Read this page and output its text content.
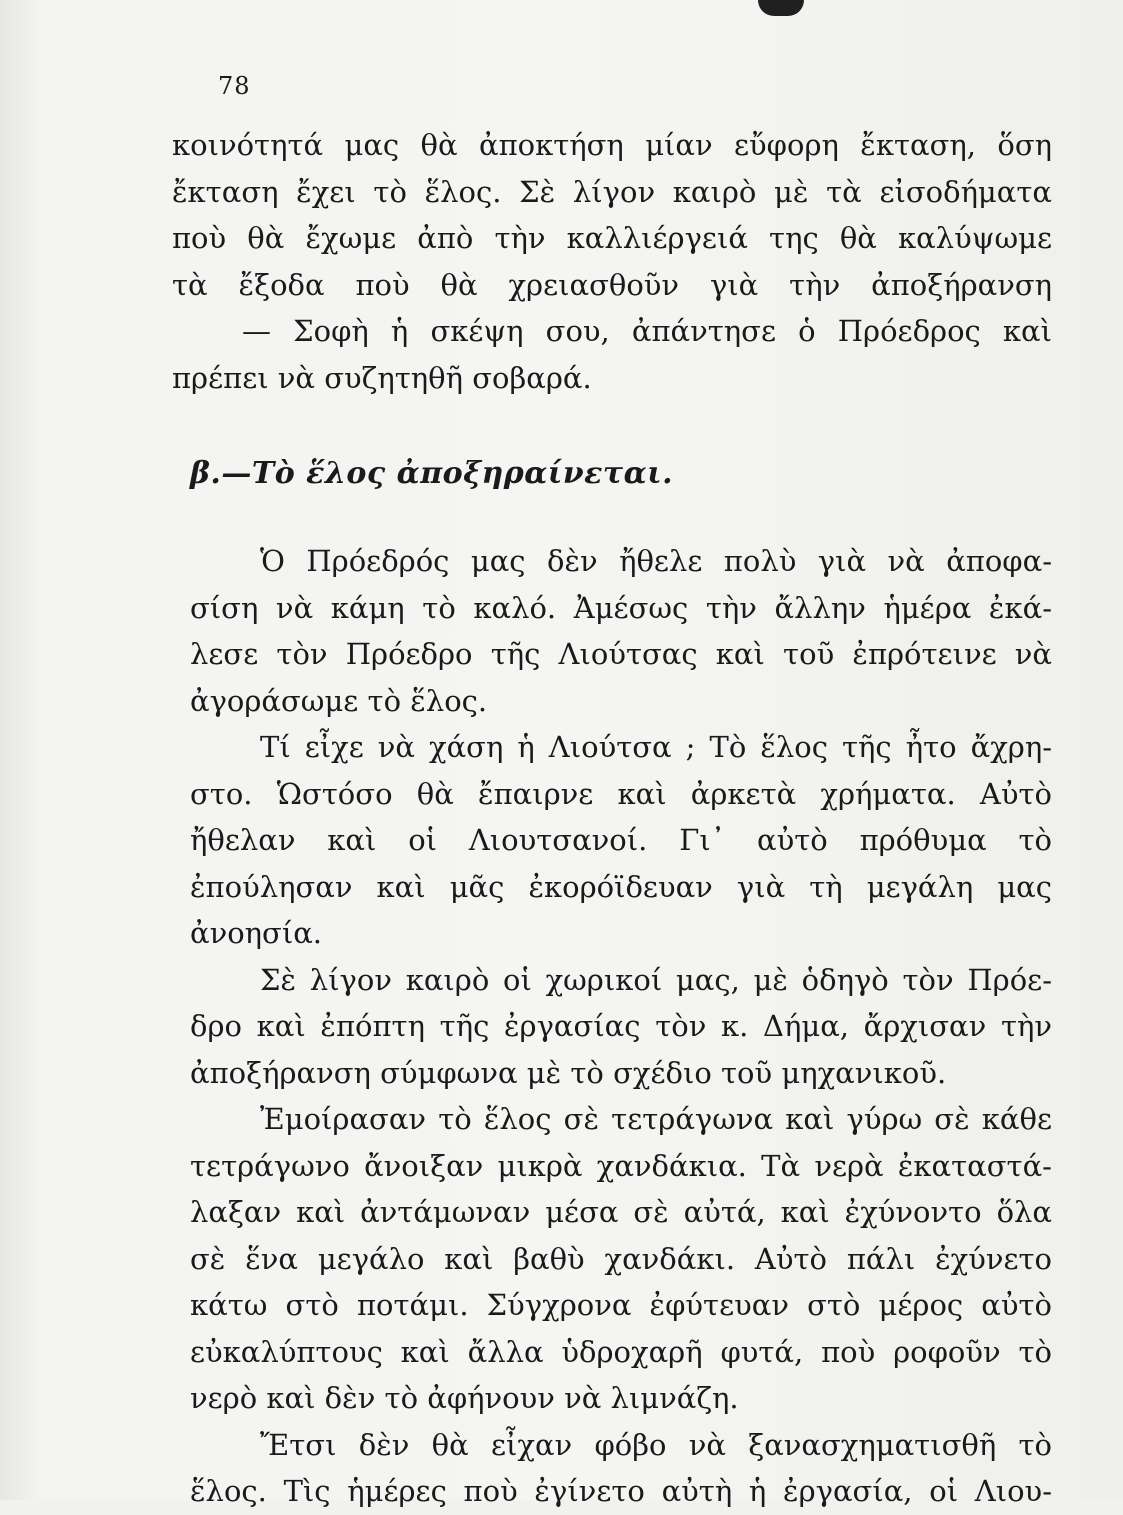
78
κοινότητά μας θὰ ἀποκτήση μίαν εὔφορη ἔκταση, ὅση
ἔκταση ἔχει τὸ ἕλος. Σὲ λίγον καιρὸ μὲ τὰ εἰσοδήματα
ποὺ θὰ ἔχωμε ἀπὸ τὴν καλλιέργειά της θὰ καλύψωμε
τὰ ἔξοδα ποὺ θὰ χρειασθοῦν γιὰ τὴν ἀποξήρανση
— Σοφὴ ἡ σκέψη σου, ἀπάντησε ὁ Πρόεδρος καὶ
πρέπει νὰ συζητηθῆ σοβαρά.
β.—Τὸ ἕλος ἀποξηραίνεται.
Ὁ Πρόεδρός μας δὲν ἤθελε πολὺ γιὰ νὰ ἀποφα-
σίση νὰ κάμη τὸ καλό. Ἀμέσως τὴν ἄλλην ἡμέρα ἐκά-
λεσε τὸν Πρόεδρο τῆς Λιούτσας καὶ τοῦ ἐπρότεινε νὰ
ἀγοράσωμε τὸ ἕλος.
Τί εἶχε νὰ χάση ἡ Λιούτσα ; Τὸ ἕλος τῆς ἦτο ἄχρη-
στο. Ὡστόσο θὰ ἔπαιρνε καὶ ἀρκετὰ χρήματα. Αὐτὸ
ἤθελαν καὶ οἱ Λιουτσανοί. Γι᾽ αὐτὸ πρόθυμα τὸ
ἐπούλησαν καὶ μᾶς ἐκορόϊδευαν γιὰ τὴ μεγάλη μας
ἀνοησία.
Σὲ λίγον καιρὸ οἱ χωρικοί μας, μὲ ὁδηγὸ τὸν Πρόε-
δρο καὶ ἐπόπτη τῆς ἐργασίας τὸν κ. Δήμα, ἄρχισαν τὴν
ἀποξήρανση σύμφωνα μὲ τὸ σχέδιο τοῦ μηχανικοῦ.
Ἐμοίρασαν τὸ ἕλος σὲ τετράγωνα καὶ γύρω σὲ κάθε
τετράγωνο ἄνοιξαν μικρὰ χανδάκια. Τὰ νερὰ ἐκαταστά-
λαξαν καὶ ἀντάμωναν μέσα σὲ αὐτά, καὶ ἐχύνοντο ὅλα
σὲ ἕνα μεγάλο καὶ βαθὺ χανδάκι. Αὐτὸ πάλι ἐχύνετο
κάτω στὸ ποτάμι. Σύγχρονα ἐφύτευαν στὸ μέρος αὐτὸ
εὐκαλύπτους καὶ ἄλλα ὑδροχαρῆ φυτά, ποὺ ροφοῦν τὸ
νερὸ καὶ δὲν τὸ ἀφήνουν νὰ λιμνάζη.
Ἔτσι δὲν θὰ εἶχαν φόβο νὰ ξανασχηματισθῆ τὸ
ἕλος. Τὶς ἡμέρες ποὺ ἐγίνετο αὐτὴ ἡ ἐργασία, οἱ Λιου-
